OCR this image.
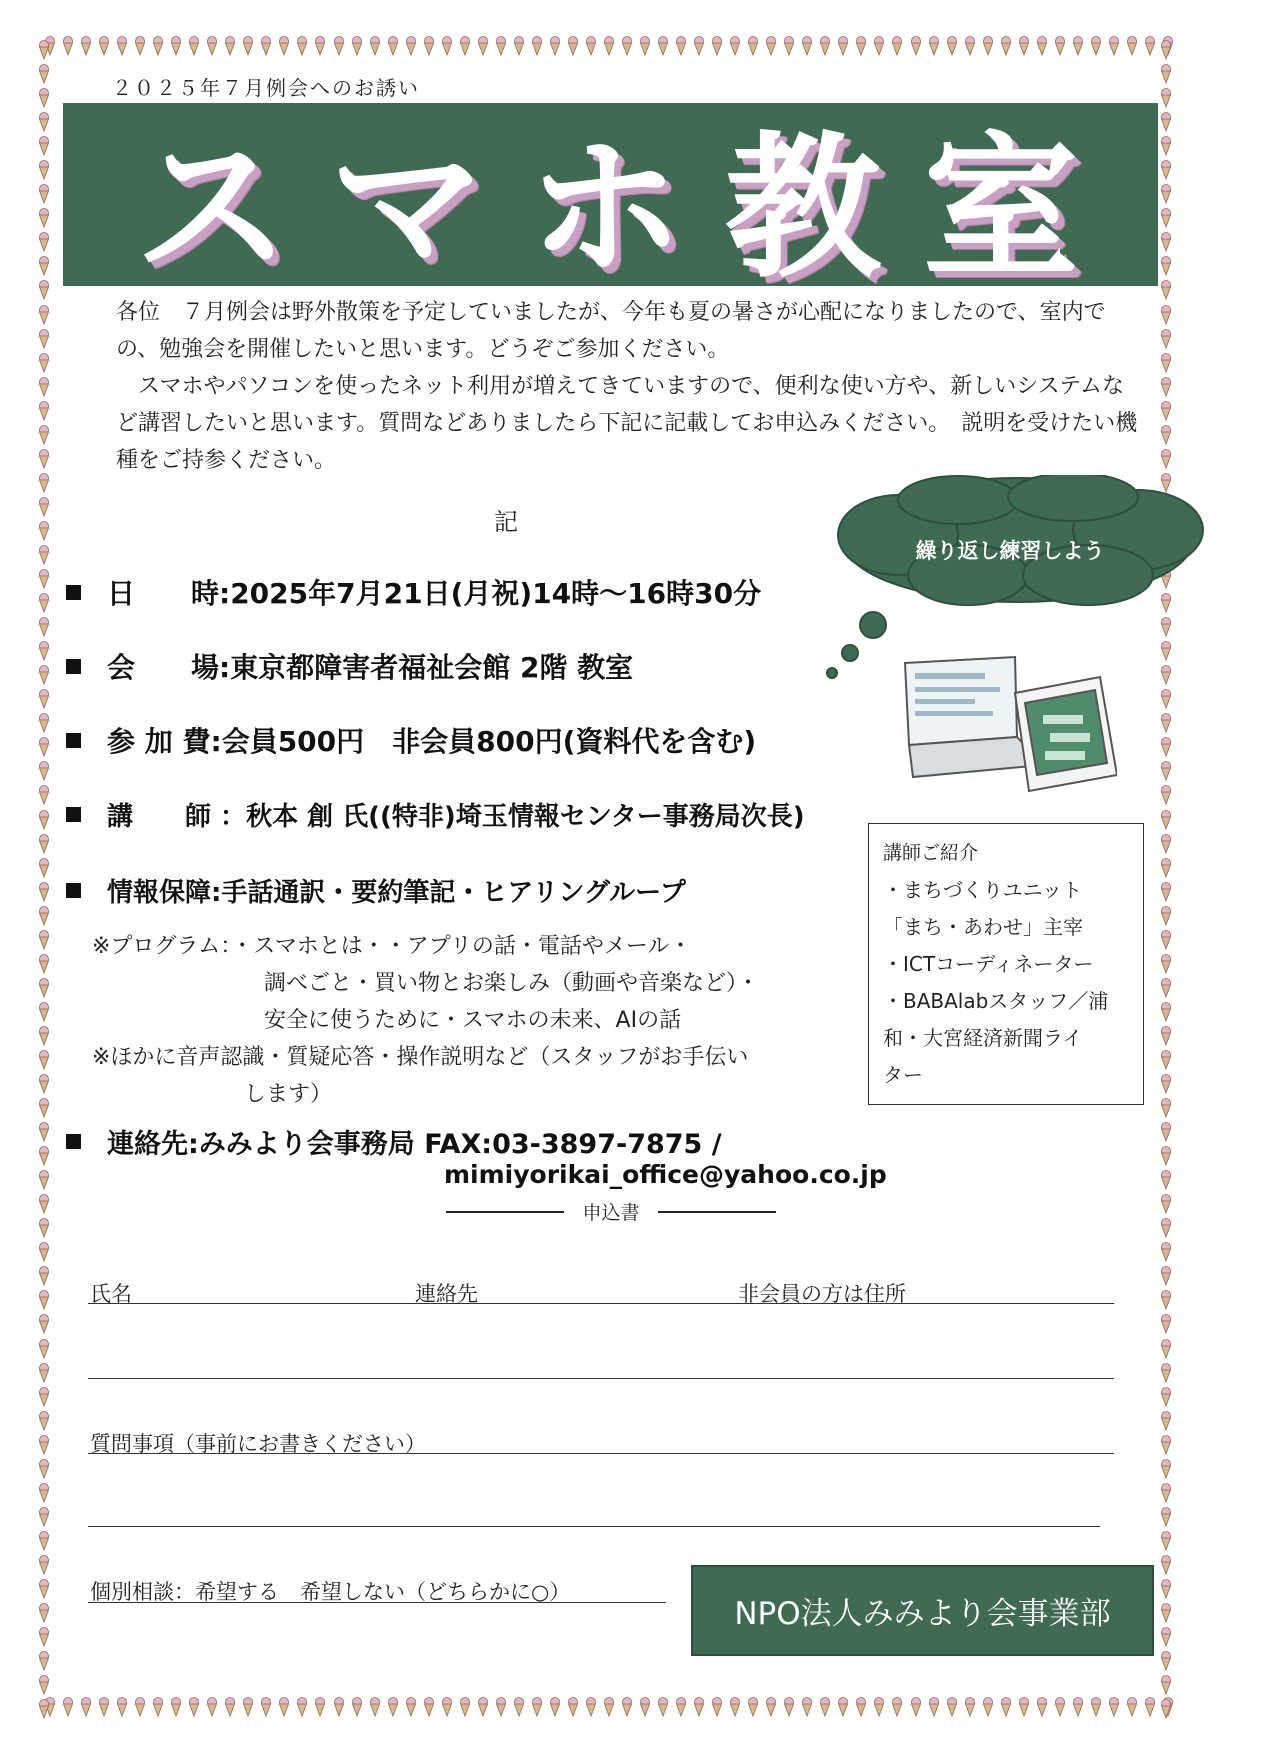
２０２５年７月例会へのお誘い
スマホ教室

各位　７月例会は野外散策を予定していましたが、今年も夏の暑さが心配になりましたので、室内での、勉強会を開催したいと思います。どうぞご参加ください。

　スマホやパソコンを使ったネット利用が増えてきていますので、便利な使い方や、新しいシステムなど講習したいと思います。質問などありましたら下記に記載してお申込みください。　説明を受けたい機種をご持参ください。

記
繰り返し練習しよう
日　　時: 2025年7月21日(月祝)14時～16時30分
会　　場: 東京都障害者福祉会館 2階 教室
参 加 費: 会員500円　非会員800円(資料代を含む)
講　　師 ： 秋本 創 氏((特非)埼玉情報センター事務局次長)
情報保障: 手話通訳・要約筆記・ヒアリングループ
※プログラム：・スマホとは・・アプリの話・電話やメール・
調べごと・買い物とお楽しみ（動画や音楽など）・
安全に使うために・スマホの未来、AIの話
※ほかに音声認識・質疑応答・操作説明など（スタッフがお手伝い
します）
講師ご紹介
・まちづくりユニット
「まち・あわせ」主宰
・ICTコーディネーター
・BABAlabスタッフ／浦
和・大宮経済新聞ライ
ター
連絡先: みみより会事務局 FAX:03-3897-7875 /
mimiyorikai_office@yahoo.co.jp
申込書
氏名	連絡先	非会員の方は住所
質問事項（事前にお書きください）
個別相談：希望する　希望しない（どちらかに○）
NPO法人みみより会事業部
